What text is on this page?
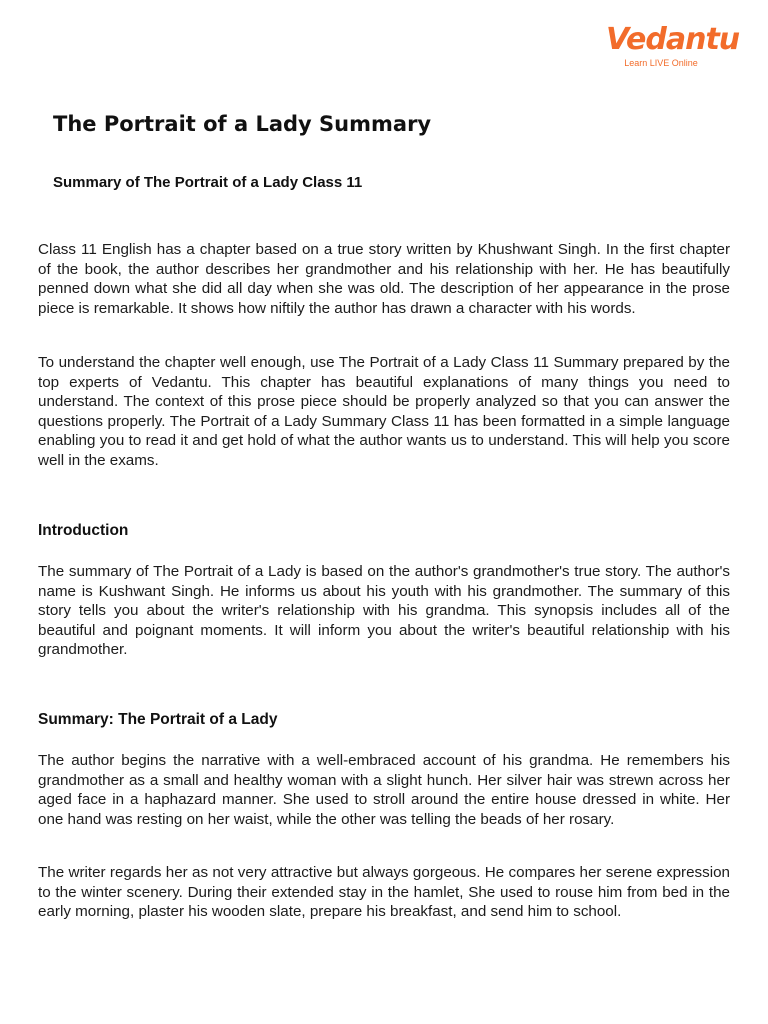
Vedantu
Learn LIVE Online
The Portrait of a Lady Summary
Summary of The Portrait of a Lady Class 11

Class 11 English has a chapter based on a true story written by Khushwant Singh. In the first chapter of the book, the author describes her grandmother and his relationship with her. He has beautifully penned down what she did all day when she was old. The description of her appearance in the prose piece is remarkable. It shows how niftily the author has drawn a character with his words.

To understand the chapter well enough, use The Portrait of a Lady Class 11 Summary prepared by the top experts of Vedantu. This chapter has beautiful explanations of many things you need to understand. The context of this prose piece should be properly analyzed so that you can answer the questions properly. The Portrait of a Lady Summary Class 11 has been formatted in a simple language enabling you to read it and get hold of what the author wants us to understand. This will help you score well in the exams.

Introduction

The summary of The Portrait of a Lady is based on the author's grandmother's true story. The author's name is Kushwant Singh. He informs us about his youth with his grandmother. The summary of this story tells you about the writer's relationship with his grandma. This synopsis includes all of the beautiful and poignant moments. It will inform you about the writer's beautiful relationship with his grandmother.

Summary: The Portrait of a Lady

The author begins the narrative with a well-embraced account of his grandma. He remembers his grandmother as a small and healthy woman with a slight hunch. Her silver hair was strewn across her aged face in a haphazard manner. She used to stroll around the entire house dressed in white. Her one hand was resting on her waist, while the other was telling the beads of her rosary.

The writer regards her as not very attractive but always gorgeous. He compares her serene expression to the winter scenery. During their extended stay in the hamlet, She used to rouse him from bed in the early morning, plaster his wooden slate, prepare his breakfast, and send him to school.
